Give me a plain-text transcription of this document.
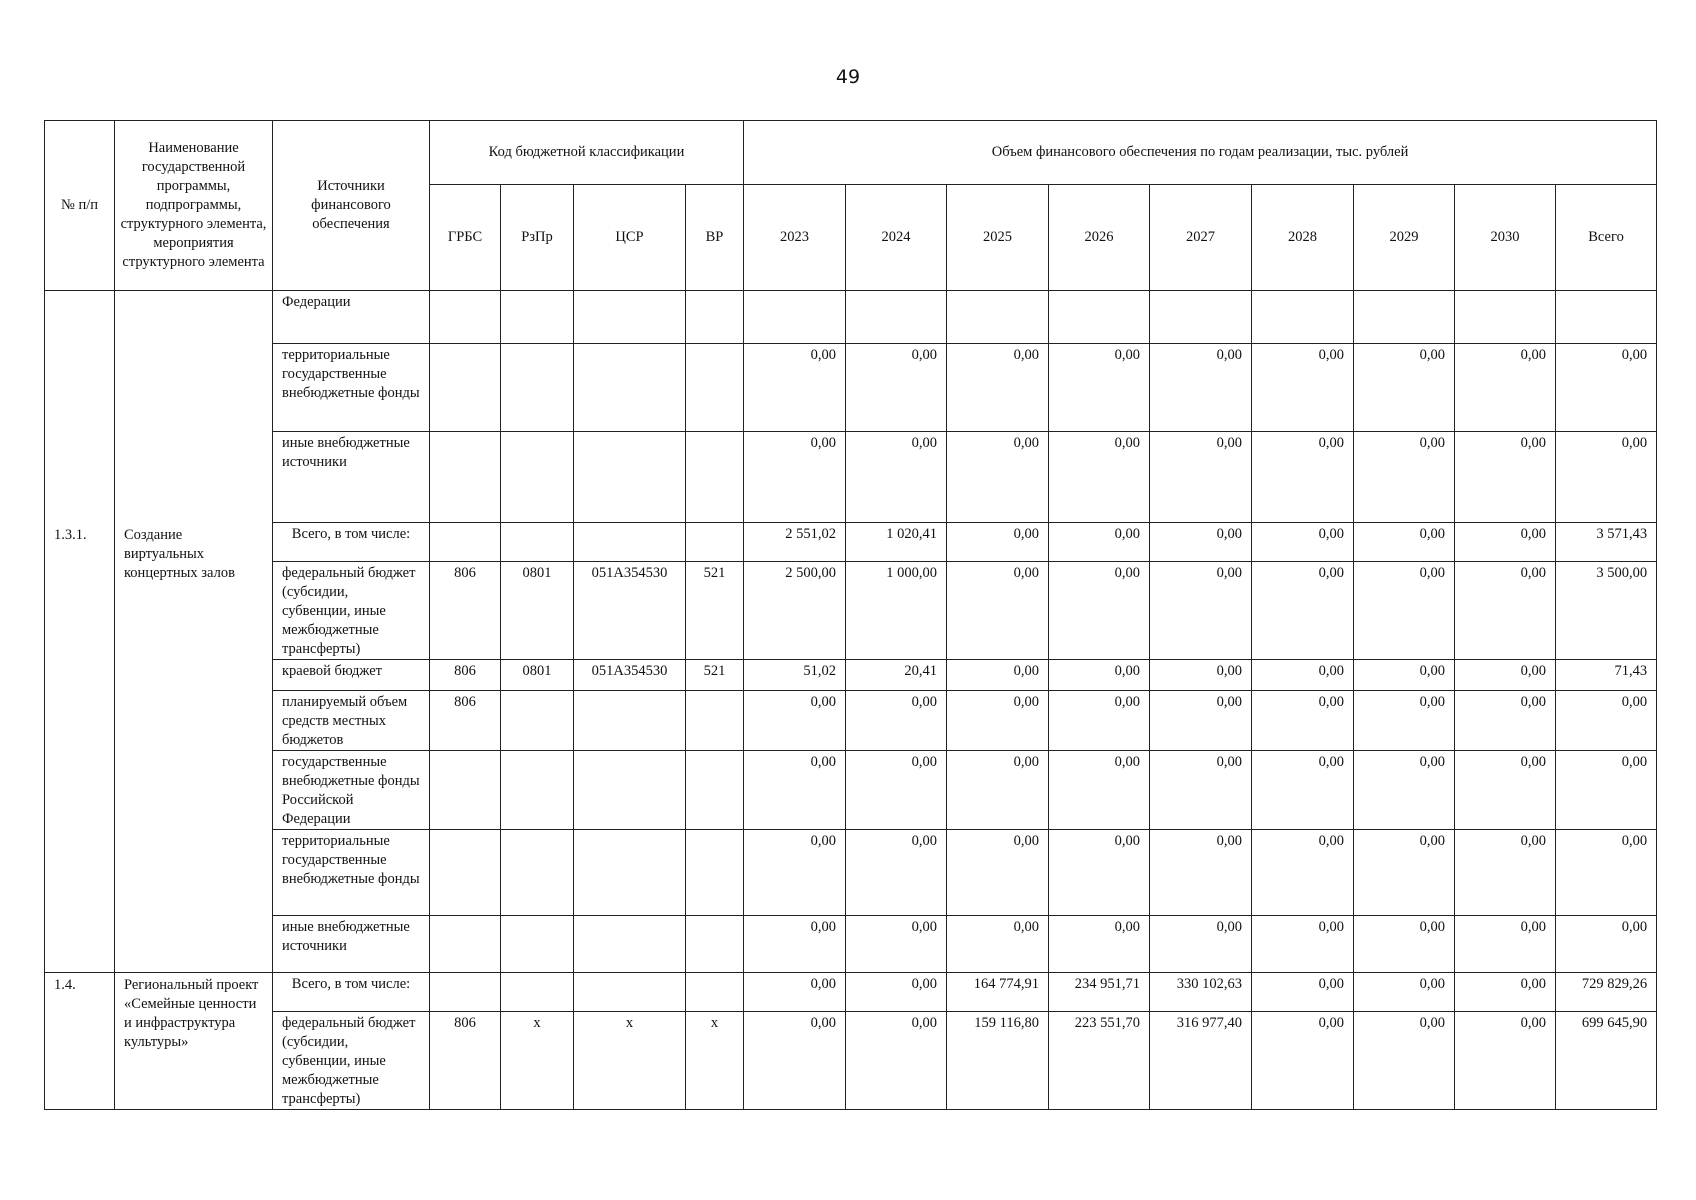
49
№ п/п	Наименование государственной программы, подпрограммы, структурного элемента, мероприятия структурного элемента	Источники финансового обеспечения	Код бюджетной классификации				Объем финансового обеспечения по годам реализации, тыс. рублей								
			ГРБС	РзПр	ЦСР	ВР	2023	2024	2025	2026	2027	2028	2029	2030	Всего
1.3.1.	Создание виртуальных концертных залов	Федерации													
		территориальные государственные внебюджетные фонды					0,00	0,00	0,00	0,00	0,00	0,00	0,00	0,00	0,00
		иные внебюджетные источники					0,00	0,00	0,00	0,00	0,00	0,00	0,00	0,00	0,00
		Всего, в том числе:					2 551,02	1 020,41	0,00	0,00	0,00	0,00	0,00	0,00	3 571,43
		федеральный бюджет (субсидии, субвенции, иные межбюджетные трансферты)	806	0801	051А354530	521	2 500,00	1 000,00	0,00	0,00	0,00	0,00	0,00	0,00	3 500,00
		краевой бюджет	806	0801	051А354530	521	51,02	20,41	0,00	0,00	0,00	0,00	0,00	0,00	71,43
		планируемый объем средств местных бюджетов	806				0,00	0,00	0,00	0,00	0,00	0,00	0,00	0,00	0,00
		государственные внебюджетные фонды Российской Федерации					0,00	0,00	0,00	0,00	0,00	0,00	0,00	0,00	0,00
		территориальные государственные внебюджетные фонды					0,00	0,00	0,00	0,00	0,00	0,00	0,00	0,00	0,00
		иные внебюджетные источники					0,00	0,00	0,00	0,00	0,00	0,00	0,00	0,00	0,00
1.4.	Региональный проект «Семейные ценности и инфраструктура культуры»	Всего, в том числе:					0,00	0,00	164 774,91	234 951,71	330 102,63	0,00	0,00	0,00	729 829,26
		федеральный бюджет (субсидии, субвенции, иные межбюджетные трансферты)	806	х	х	х	0,00	0,00	159 116,80	223 551,70	316 977,40	0,00	0,00	0,00	699 645,90
